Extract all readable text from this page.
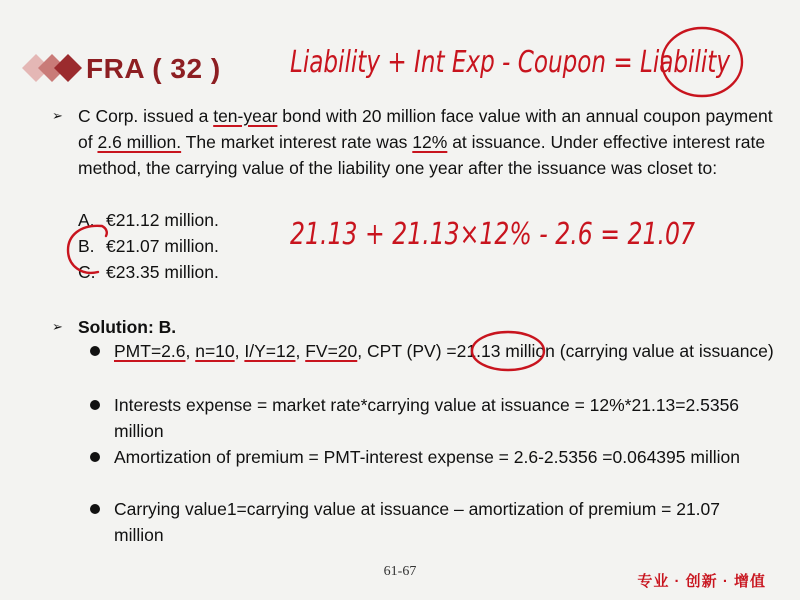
FRA ( 32 ) Liability + Int Exp - Coupon = Liability
➢ C Corp. issued a ten-year bond with 20 million face value with an annual coupon payment of 2.6 million. The market interest rate was 12% at issuance. Under effective interest rate method, the carrying value of the liability one year after the issuance was closet to:
A. €21.12 million.
B. €21.07 million.
C. €23.35 million.
21.13 + 21.13×12% - 2.6 = 21.07
➢ Solution: B.
PMT=2.6, n=10, I/Y=12, FV=20, CPT (PV) =21.13 million (carrying value at issuance)
Interests expense = market rate*carrying value at issuance = 12%*21.13=2.5356 million
Amortization of premium = PMT-interest expense = 2.6-2.5356 =0.064395 million
Carrying value1=carrying value at issuance – amortization of premium = 21.07 million
61-67
专业 · 创新 · 增值
